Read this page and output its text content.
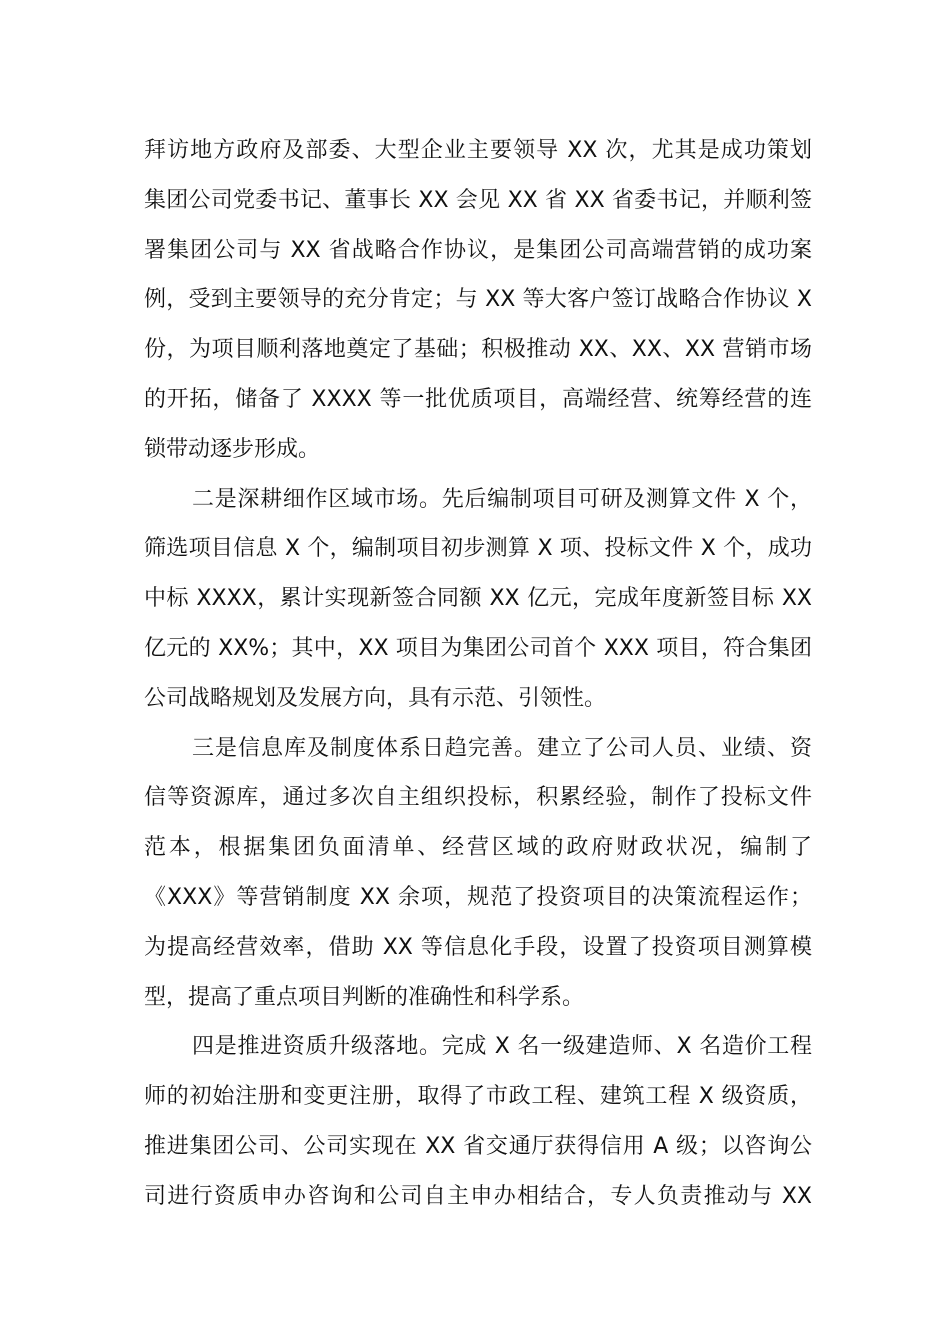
拜访地方政府及部委、大型企业主要领导 XX 次，尤其是成功策划
集团公司党委书记、董事长 XX 会见 XX 省 XX 省委书记，并顺利签
署集团公司与 XX 省战略合作协议，是集团公司高端营销的成功案
例，受到主要领导的充分肯定；与 XX 等大客户签订战略合作协议 X
份，为项目顺利落地奠定了基础；积极推动 XX、XX、XX 营销市场
的开拓，储备了 XXXX 等一批优质项目，高端经营、统筹经营的连
锁带动逐步形成。
二是深耕细作区域市场。先后编制项目可研及测算文件 X 个，
筛选项目信息 X 个，编制项目初步测算 X 项、投标文件 X 个，成功
中标 XXXX，累计实现新签合同额 XX 亿元，完成年度新签目标 XX
亿元的 XX%；其中，XX 项目为集团公司首个 XXX 项目，符合集团
公司战略规划及发展方向，具有示范、引领性。
三是信息库及制度体系日趋完善。建立了公司人员、业绩、资
信等资源库，通过多次自主组织投标，积累经验，制作了投标文件
范本，根据集团负面清单、经营区域的政府财政状况，编制了
《XXX》等营销制度 XX 余项，规范了投资项目的决策流程运作；
为提高经营效率，借助 XX 等信息化手段，设置了投资项目测算模
型，提高了重点项目判断的准确性和科学系。
四是推进资质升级落地。完成 X 名一级建造师、X 名造价工程
师的初始注册和变更注册，取得了市政工程、建筑工程 X 级资质，
推进集团公司、公司实现在 XX 省交通厅获得信用 A 级；以咨询公
司进行资质申办咨询和公司自主申办相结合，专人负责推动与 XX
